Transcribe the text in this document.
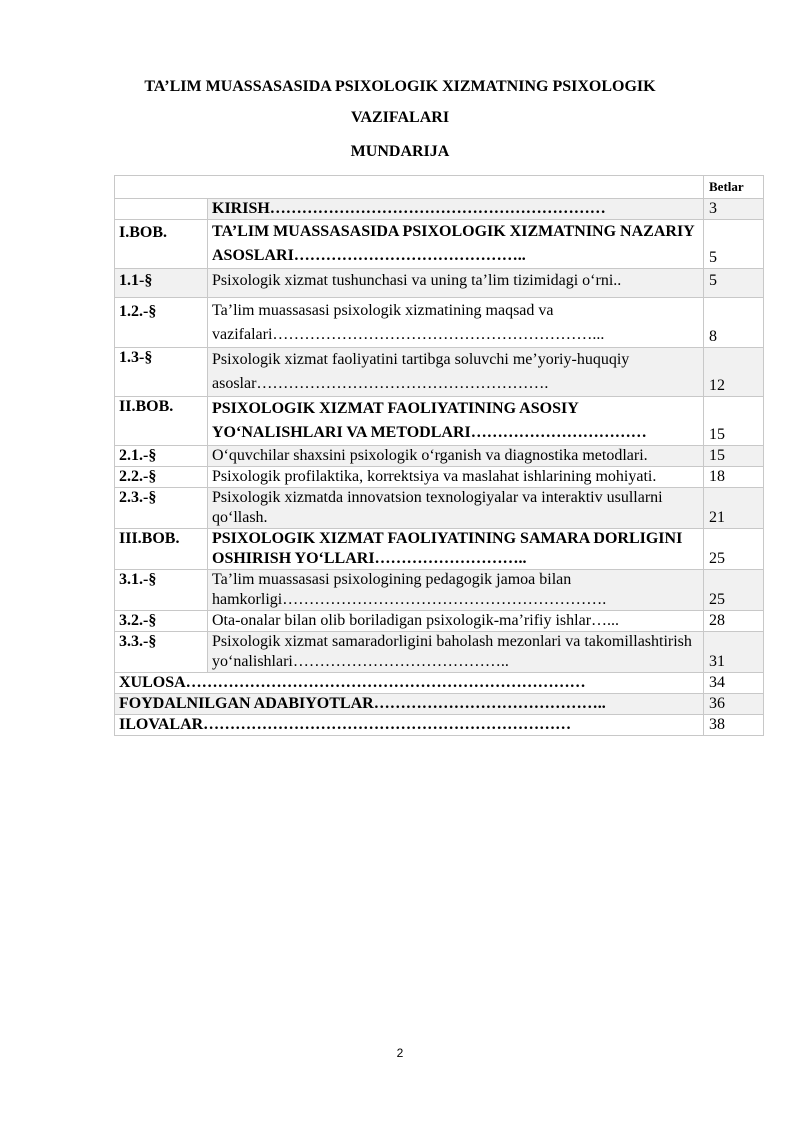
TA’LIM MUASSASASIDA PSIXOLOGIK XIZMATNING PSIXOLOGIK
VAZIFALARI
MUNDARIJA
		Betlar
	KIRISH………………………………………………………	3
I.BOB.	TA’LIM MUASSASASIDA PSIXOLOGIK XIZMATNING NAZARIY ASOSLARI……………………………………..	5
1.1-§	Psixologik xizmat tushunchasi va uning ta’lim tizimidagi o‘rni..	5
1.2.-§	Ta’lim muassasasi psixologik xizmatining maqsad va vazifalari……………………………………………………...	8
1.3-§	Psixologik xizmat faoliyatini tartibga soluvchi me’yoriy-huquqiy asoslar……………………………………………….	12
II.BOB.	PSIXOLOGIK XIZMAT FAOLIYATINING ASOSIY YO‘NALISHLARI VA METODLARI……………………………	15
2.1.-§	O‘quvchilar shaxsini psixologik o‘rganish va diagnostika metodlari.	15
2.2.-§	Psixologik profilaktika, korrektsiya va maslahat ishlarining mohiyati.	18
2.3.-§	Psixologik xizmatda innovatsion texnologiyalar va interaktiv usullarni qo‘llash.	21
III.BOB.	PSIXOLOGIK XIZMAT FAOLIYATINING SAMARA DORLIGINI OSHIRISH YO‘LLARI………………………..	25
3.1.-§	Ta’lim muassasasi psixologining pedagogik jamoa bilan hamkorligi…………………………………………………….	25
3.2.-§	Ota-onalar bilan olib boriladigan psixologik-ma’rifiy ishlar…...	28
3.3.-§	Psixologik xizmat samaradorligini baholash mezonlari va takomillashtirish yo‘nalishlari…………………………………..	31
XULOSA…………………………………………………………………		34
FOYDALNILGAN ADABIYOTLAR……………………………………..		36
ILOVALAR……………………………………………………………		38
2
